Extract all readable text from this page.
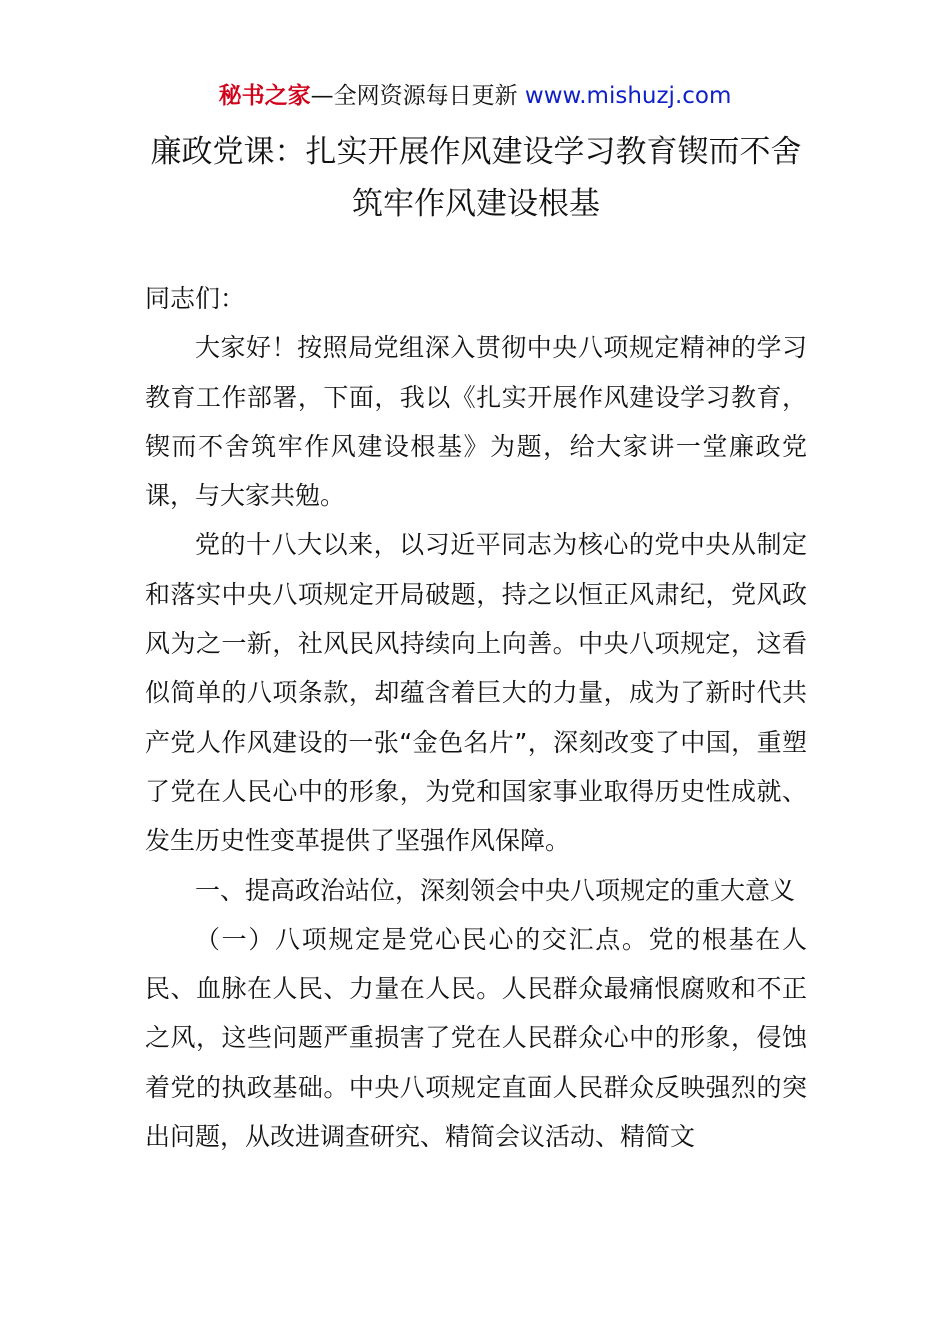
秘书之家—全网资源每日更新 www.mishuzj.com
廉政党课：扎实开展作风建设学习教育锲而不舍筑牢作风建设根基

同志们：

大家好！按照局党组深入贯彻中央八项规定精神的学习教育工作部署，下面，我以《扎实开展作风建设学习教育，锲而不舍筑牢作风建设根基》为题，给大家讲一堂廉政党课，与大家共勉。

党的十八大以来，以习近平同志为核心的党中央从制定和落实中央八项规定开局破题，持之以恒正风肃纪，党风政风为之一新，社风民风持续向上向善。中央八项规定，这看似简单的八项条款，却蕴含着巨大的力量，成为了新时代共产党人作风建设的一张“金色名片”，深刻改变了中国，重塑了党在人民心中的形象，为党和国家事业取得历史性成就、发生历史性变革提供了坚强作风保障。

一、提高政治站位，深刻领会中央八项规定的重大意义

（一）八项规定是党心民心的交汇点。党的根基在人民、血脉在人民、力量在人民。人民群众最痛恨腐败和不正之风，这些问题严重损害了党在人民群众心中的形象，侵蚀着党的执政基础。中央八项规定直面人民群众反映强烈的突出问题，从改进调查研究、精简会议活动、精简文
